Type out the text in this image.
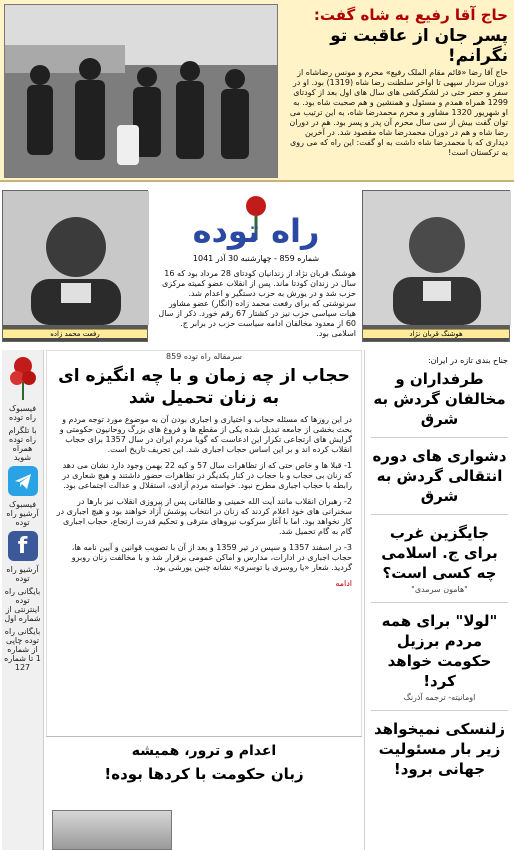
حاج آقا رفیع به شاه گفت:
پسر جان از عاقبت تو نگرانم!
حاج آقا رضا «قائم مقام الملک رفیع» محرم و مونس رضاشاه از دوران سردار سپهی تا اواخر سلطنت رضا شاه (1319) بود. او در سفر و حضر حتی در لشکرکشی های سال های اول بعد از کودتای 1299 همراه همدم و مسئول و همنشین و هم صحبت شاه بود. به او شهریور 1320 مشاور و محرم محمدرضا شاه، به این ترتیب می توان گفت بیش از سی سال محرم آن پدر و پسر بود. هم در دوران رضا شاه و هم در دوران محمدرضا شاه مقصود شد. در آخرین دیداری که با محمدرضا شاه داشت به او گفت: این راه که می روی به ترکستان است!
رفعت محمد زاده
راه توده
شماره 859 - چهارشنبه 30 آذر 1041
هوشنگ قربان نژاد از زندانیان کودتای 28 مرداد بود که 16 سال در زندان کودتا ماند. پس از انقلاب عضو کمیته مرکزی حزب شد و در یورش به حزب دستگیر و اعدام شد. سرنوشتی که برای رفعت محمد زاده (انگار) عضو مشاور هیات سیاسی حزب نیز در کشتار 67 رقم خورد. ذکر از سال 60 از معدود مخالفان ادامه سیاست حزب در برابر ج. اسلامی بود.	هوشنگ قربان نژاد
فیسبوک راه توده
با تلگرام راه توده همراه شوید
فیسبوک آرشیو راه توده
f
آرشیو راه توده
بایگانی راه توده اینترنتی از شماره اول
بایگانی راه توده چاپی از شماره 1 تا شماره 127
سرمقاله راه توده 859
حجاب از چه زمان و با چه انگیزه ای به زنان تحمیل شد

در این روزها که مسئله حجاب و اختیاری و اجباری بودن آن به موضوع مورد توجه مردم و بحث بخشی از جامعه تبدیل شده یکی از مقطع ها و فروغ های بزرگ روحانیون حکومتی و گرایش های ارتجاعی تکرار این ادعاست که گویا مردم ایران در سال 1357 برای حجاب انقلاب کرده اند و بر این اساس حجاب اجباری شد. این تحریف تاریخ است.

1- قبلا ها و خاص حتی که از تظاهرات سال 57 و کیه 22 بهمن وجود دارد نشان می دهد که زنان بی حجاب و با حجاب در کنار یکدیگر در تظاهرات حضور داشتند و هیچ شعاری در رابطه با حجاب اجباری مطرح نبود. خواسته مردم آزادی، استقلال و عدالت اجتماعی بود.

2- رهبران انقلاب مانند آیت الله خمینی و طالقانی پس از پیروزی انقلاب نیز بارها در سخنرانی های خود اعلام کردند که زنان در انتخاب پوشش آزاد خواهند بود و هیچ اجباری در کار نخواهد بود. اما با آغاز سرکوب نیروهای مترقی و تحکیم قدرت ارتجاع، حجاب اجباری گام به گام تحمیل شد.

3- در اسفند 1357 و سپس در تیر 1359 و بعد از آن با تصویب قوانین و آیین نامه ها، حجاب اجباری در ادارات، مدارس و اماکن عمومی برقرار شد و با مخالفت زنان روبرو گردید. شعار «یا روسری یا توسری» نشانه چنین یورشی بود.

ادامه

اعدام و ترور، همیشه
زبان حکومت با کردها بوده!
جناح بندی تازه در ایران:
طرفداران و مخالفان گردش به شرق
دشواری های دوره انتقالی گردش به شرق
جایگزین غرب برای ج. اسلامی چه کسی است؟
"هامون سرمدی"
"لولا" برای همه مردم برزیل حکومت خواهد کرد!
اومانیته- ترجمه آذرنگ
زلنسکی نمیخواهد زیر بار مسئولیت جهانی برود!
